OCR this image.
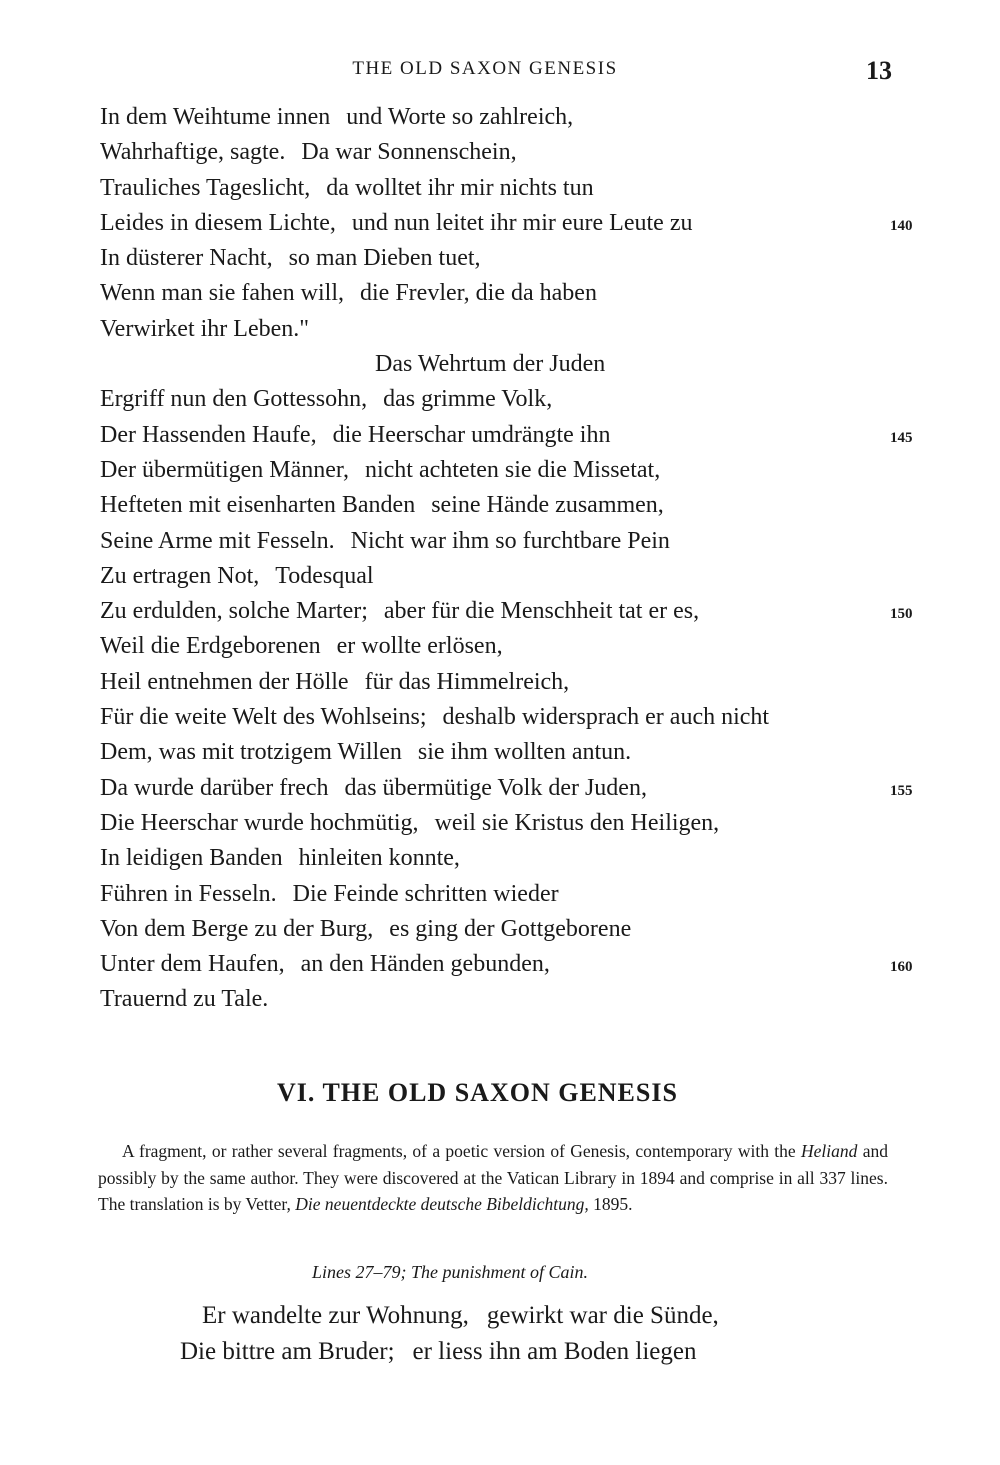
THE OLD SAXON GENESIS	13
In dem Weihtume innen und Worte so zahlreich,
Wahrhaftige, sagte. Da war Sonnenschein,
Trauliches Tageslicht, da wolltet ihr mir nichts tun
Leides in diesem Lichte, und nun leitet ihr mir eure Leute zu	140
In düsterer Nacht, so man Dieben tuet,
Wenn man sie fahen will, die Frevler, die da haben
Verwirket ihr Leben."
Das Wehrtum der Juden
Ergriff nun den Gottessohn, das grimme Volk,
Der Hassenden Haufe, die Heerschar umdrängte ihn	145
Der übermütigen Männer, nicht achteten sie die Missetat,
Hefteten mit eisenharten Banden seine Hände zusammen,
Seine Arme mit Fesseln. Nicht war ihm so furchtbare Pein
Zu ertragen Not, Todesqual
Zu erdulden, solche Marter; aber für die Menschheit tat er es,	150
Weil die Erdgeborenen er wollte erlösen,
Heil entnehmen der Hölle für das Himmelreich,
Für die weite Welt des Wohlseins; deshalb widersprach er auch nicht
Dem, was mit trotzigem Willen sie ihm wollten antun.
Da wurde darüber frech das übermütige Volk der Juden,	155
Die Heerschar wurde hochmütig, weil sie Kristus den Heiligen,
In leidigen Banden hinleiten konnte,
Führen in Fesseln. Die Feinde schritten wieder
Von dem Berge zu der Burg, es ging der Gottgeborene
Unter dem Haufen, an den Händen gebunden,	160
Trauernd zu Tale.
VI. THE OLD SAXON GENESIS
A fragment, or rather several fragments, of a poetic version of Genesis, contemporary with the Heliand and possibly by the same author. They were discovered at the Vatican Library in 1894 and comprise in all 337 lines. The translation is by Vetter, Die neuentdeckte deutsche Bibeldichtung, 1895.
Lines 27–79; The punishment of Cain.
Er wandelte zur Wohnung, gewirkt war die Sünde,
Die bittre am Bruder; er liess ihn am Boden liegen
